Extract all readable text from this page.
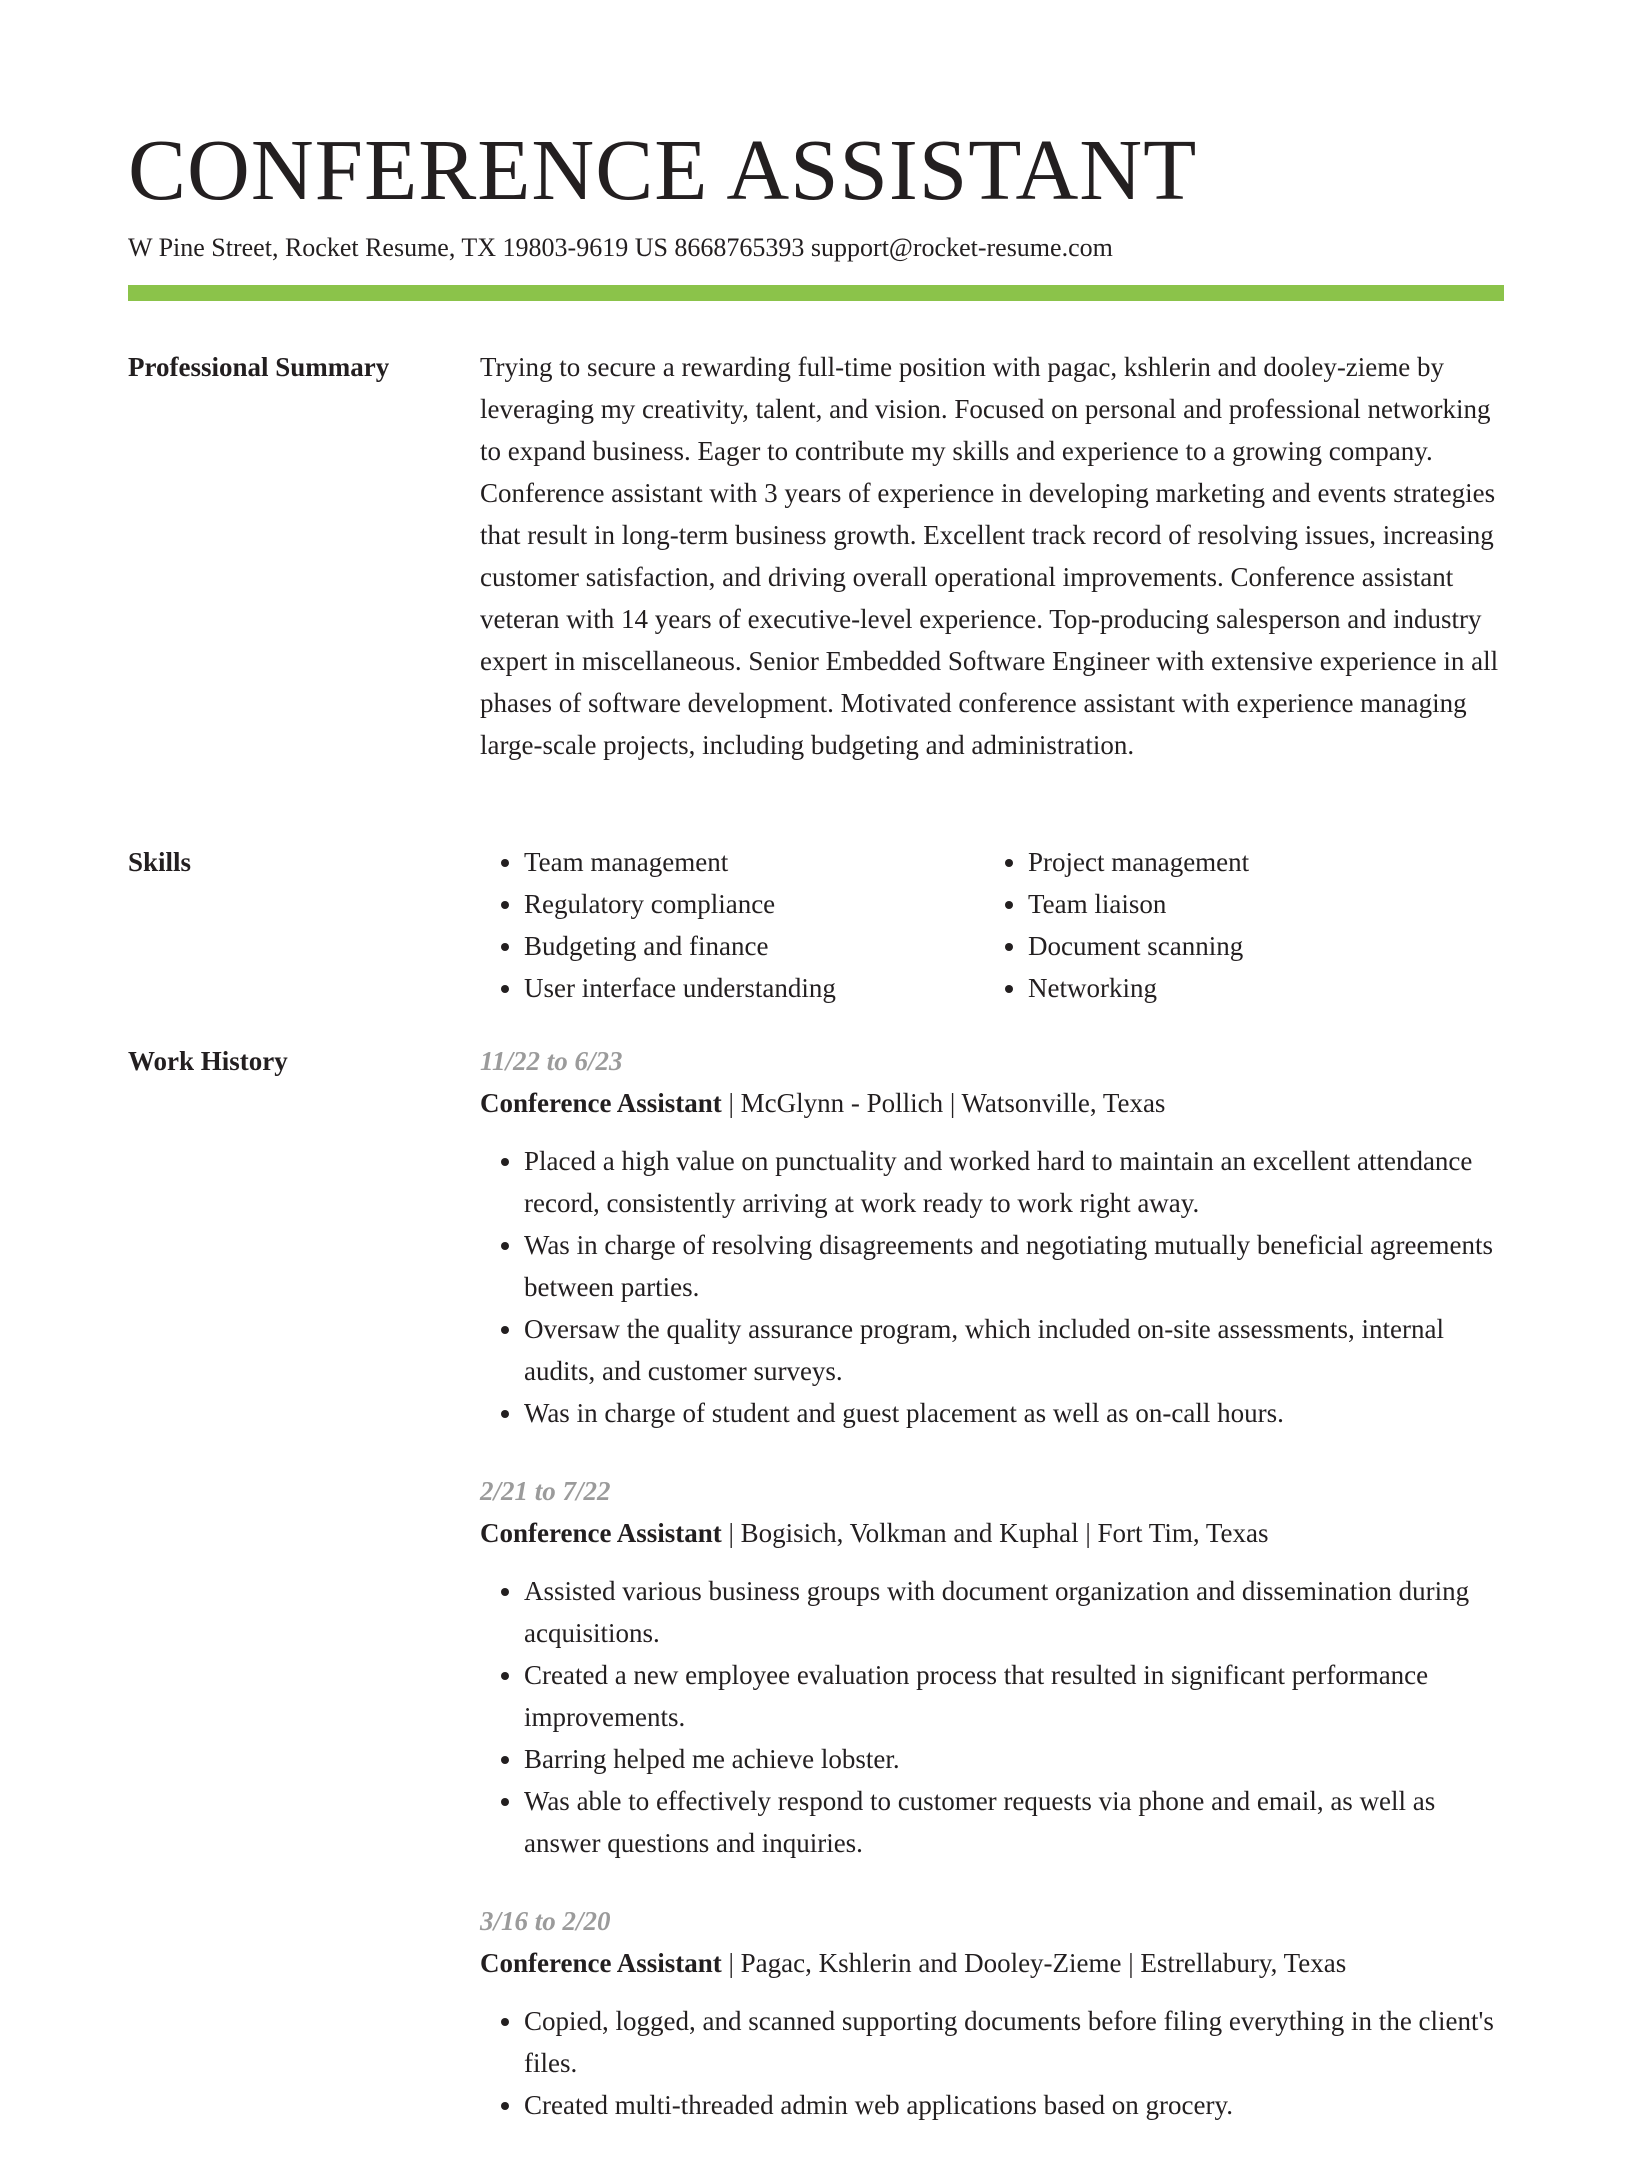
CONFERENCE ASSISTANT
W Pine Street, Rocket Resume, TX 19803-9619 US 8668765393 support@rocket-resume.com
Professional Summary	Trying to secure a rewarding full-time position with pagac, kshlerin and dooley-zieme by leveraging my creativity, talent, and vision. Focused on personal and professional networking to expand business. Eager to contribute my skills and experience to a growing company. Conference assistant with 3 years of experience in developing marketing and events strategies that result in long-term business growth. Excellent track record of resolving issues, increasing customer satisfaction, and driving overall operational improvements. Conference assistant veteran with 14 years of executive-level experience. Top-producing salesperson and industry expert in miscellaneous. Senior Embedded Software Engineer with extensive experience in all phases of software development. Motivated conference assistant with experience managing large-scale projects, including budgeting and administration.

Skills
•	Team management
• Regulatory compliance
• Budgeting and finance
• User interface understanding
• Project management
• Team liaison
• Document scanning
• Networking
Work History	11/22 to 6/23
Conference Assistant | McGlynn - Pollich | Watsonville, Texas
• Placed a high value on punctuality and worked hard to maintain an excellent attendance record, consistently arriving at work ready to work right away.
• Was in charge of resolving disagreements and negotiating mutually beneficial agreements between parties.
• Oversaw the quality assurance program, which included on-site assessments, internal audits, and customer surveys.
• Was in charge of student and guest placement as well as on-call hours.
2/21 to 7/22
Conference Assistant | Bogisich, Volkman and Kuphal | Fort Tim, Texas
• Assisted various business groups with document organization and dissemination during acquisitions.
• Created a new employee evaluation process that resulted in significant performance improvements.
• Barring helped me achieve lobster.
• Was able to effectively respond to customer requests via phone and email, as well as answer questions and inquiries.
3/16 to 2/20
Conference Assistant | Pagac, Kshlerin and Dooley-Zieme | Estrellabury, Texas
• Copied, logged, and scanned supporting documents before filing everything in the client's files.
• Created multi-threaded admin web applications based on grocery.
